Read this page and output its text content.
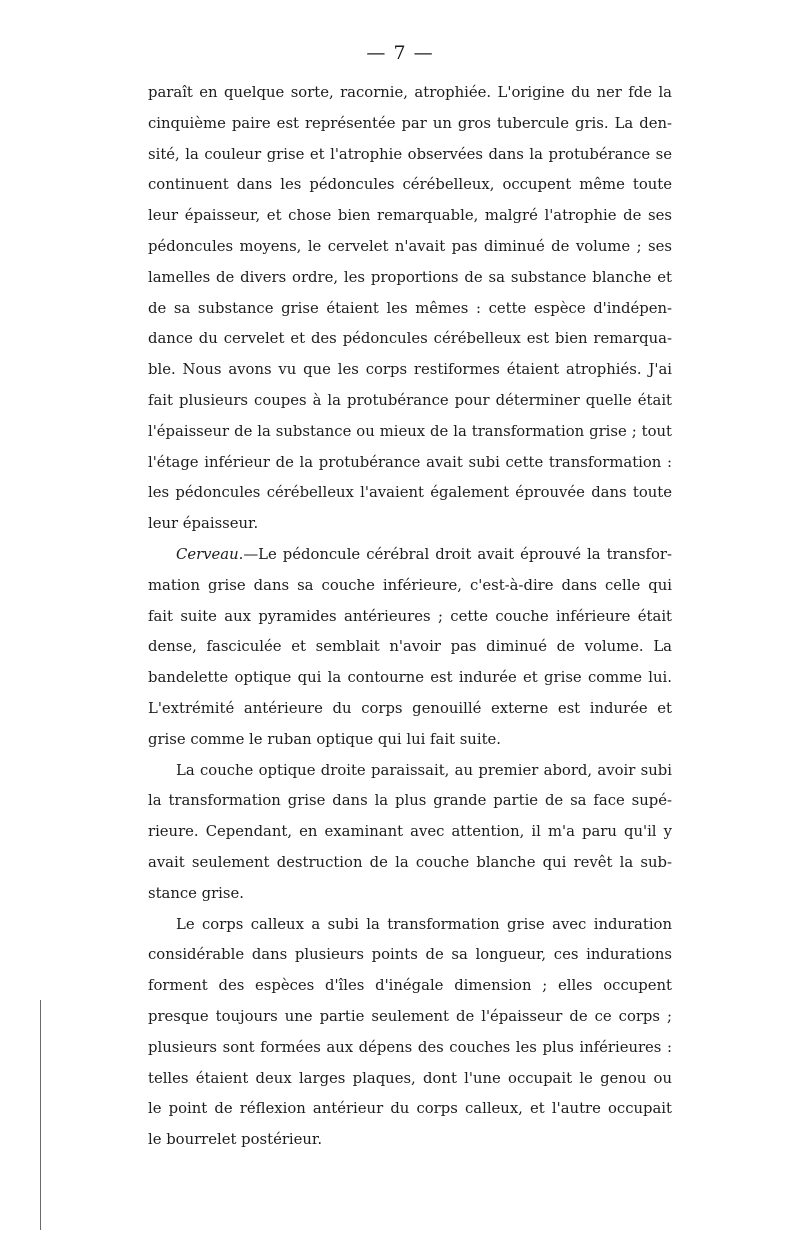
— 7 —
paraît en quelque sorte, racornie, atrophiée. L'origine du ner fde la
cinquième paire est représentée par un gros tubercule gris. La den-
sité, la couleur grise et l'atrophie observées dans la protubérance se
continuent dans les pédoncules cérébelleux, occupent même toute
leur épaisseur, et chose bien remarquable, malgré l'atrophie de ses
pédoncules moyens, le cervelet n'avait pas diminué de volume ; ses
lamelles de divers ordre, les proportions de sa substance blanche et
de sa substance grise étaient les mêmes : cette espèce d'indépen-
dance du cervelet et des pédoncules cérébelleux est bien remarqua-
ble. Nous avons vu que les corps restiformes étaient atrophiés. J'ai
fait plusieurs coupes à la protubérance pour déterminer quelle était
l'épaisseur de la substance ou mieux de la transformation grise ; tout
l'étage inférieur de la protubérance avait subi cette transformation :
les pédoncules cérébelleux l'avaient également éprouvée dans toute
leur épaisseur.
Cerveau.—Le pédoncule cérébral droit avait éprouvé la transfor-
mation grise dans sa couche inférieure, c'est-à-dire dans celle qui
fait suite aux pyramides antérieures ; cette couche inférieure était
dense, fasciculée et semblait n'avoir pas diminué de volume. La
bandelette optique qui la contourne est indurée et grise comme lui.
L'extrémité antérieure du corps genouillé externe est indurée et
grise comme le ruban optique qui lui fait suite.
La couche optique droite paraissait, au premier abord, avoir subi
la transformation grise dans la plus grande partie de sa face supé-
rieure. Cependant, en examinant avec attention, il m'a paru qu'il y
avait seulement destruction de la couche blanche qui revêt la sub-
stance grise.
Le corps calleux a subi la transformation grise avec induration
considérable dans plusieurs points de sa longueur, ces indurations
forment des espèces d'îles d'inégale dimension ; elles occupent
presque toujours une partie seulement de l'épaisseur de ce corps ;
plusieurs sont formées aux dépens des couches les plus inférieures :
telles étaient deux larges plaques, dont l'une occupait le genou ou
le point de réflexion antérieur du corps calleux, et l'autre occupait
le bourrelet postérieur.
